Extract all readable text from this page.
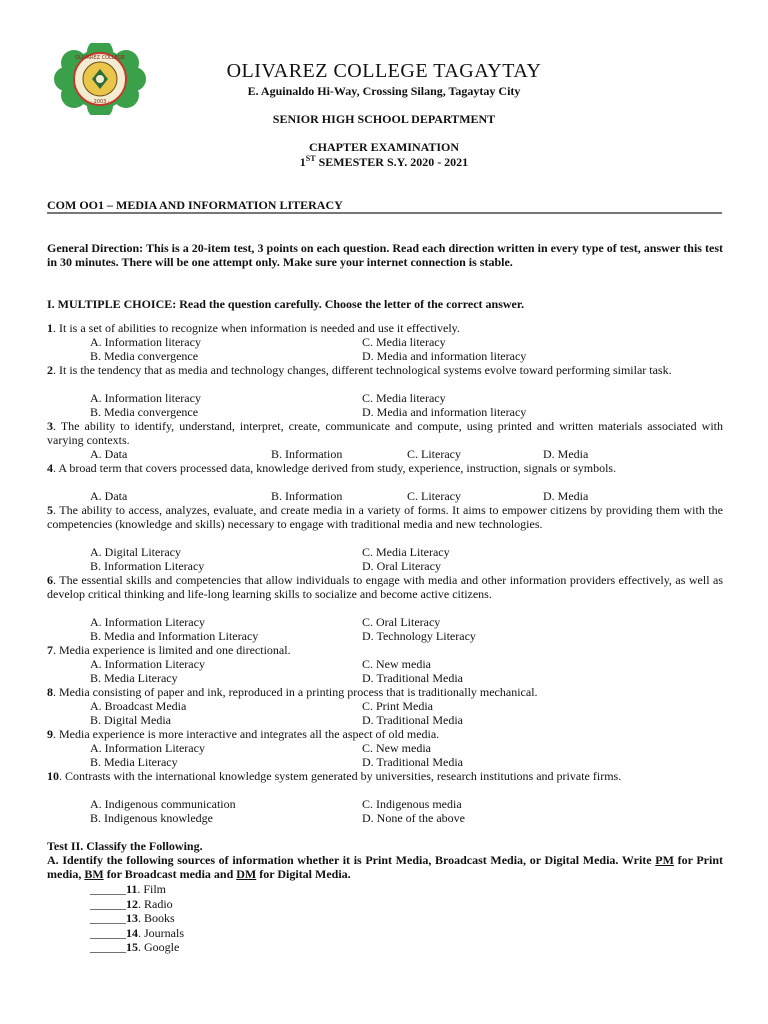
OLIVAREZ COLLEGE
· 2003 ·
OLIVAREZ COLLEGE TAGAYTAY
E. Aguinaldo Hi-Way, Crossing Silang, Tagaytay City
SENIOR HIGH SCHOOL DEPARTMENT
CHAPTER EXAMINATION
1ST SEMESTER S.Y. 2020 - 2021
COM OO1 – MEDIA AND INFORMATION LITERACY
General Direction: This is a 20-item test, 3 points on each question. Read each direction written in every type of test, answer this test in 30 minutes. There will be one attempt only. Make sure your internet connection is stable.
I. MULTIPLE CHOICE: Read the question carefully. Choose the letter of the correct answer.
1. It is a set of abilities to recognize when information is needed and use it effectively.
A. Information literacy
B. Media convergence
C. Media literacy
D. Media and information literacy
2. It is the tendency that as media and technology changes, different technological systems evolve toward performing similar task.
A. Information literacy
B. Media convergence
C. Media literacy
D. Media and information literacy
3. The ability to identify, understand, interpret, create, communicate and compute, using printed and written materials associated with varying contexts.
A. Data	B. Information	C. Literacy	D. Media
4. A broad term that covers processed data, knowledge derived from study, experience, instruction, signals or symbols.
A. Data	B. Information	C. Literacy	D. Media
5. The ability to access, analyzes, evaluate, and create media in a variety of forms. It aims to empower citizens by providing them with the competencies (knowledge and skills) necessary to engage with traditional media and new technologies.
A. Digital Literacy
B. Information Literacy
C. Media Literacy
D. Oral Literacy
6. The essential skills and competencies that allow individuals to engage with media and other information providers effectively, as well as develop critical thinking and life-long learning skills to socialize and become active citizens.
A. Information Literacy
B. Media and Information Literacy
C. Oral Literacy
D. Technology Literacy
7. Media experience is limited and one directional.
A. Information Literacy
B. Media Literacy
C. New media
D. Traditional Media
8. Media consisting of paper and ink, reproduced in a printing process that is traditionally mechanical.
A. Broadcast Media
B. Digital Media
C. Print Media
D. Traditional Media
9. Media experience is more interactive and integrates all the aspect of old media.
A. Information Literacy
B. Media Literacy
C. New media
D. Traditional Media
10. Contrasts with the international knowledge system generated by universities, research institutions and private firms.
A. Indigenous communication
B. Indigenous knowledge
C. Indigenous media
D. None of the above
Test II. Classify the Following.
A. Identify the following sources of information whether it is Print Media, Broadcast Media, or Digital Media. Write PM for Print media, BM for Broadcast media and DM for Digital Media.
______11. Film
______12. Radio
______13. Books
______14. Journals
______15. Google
